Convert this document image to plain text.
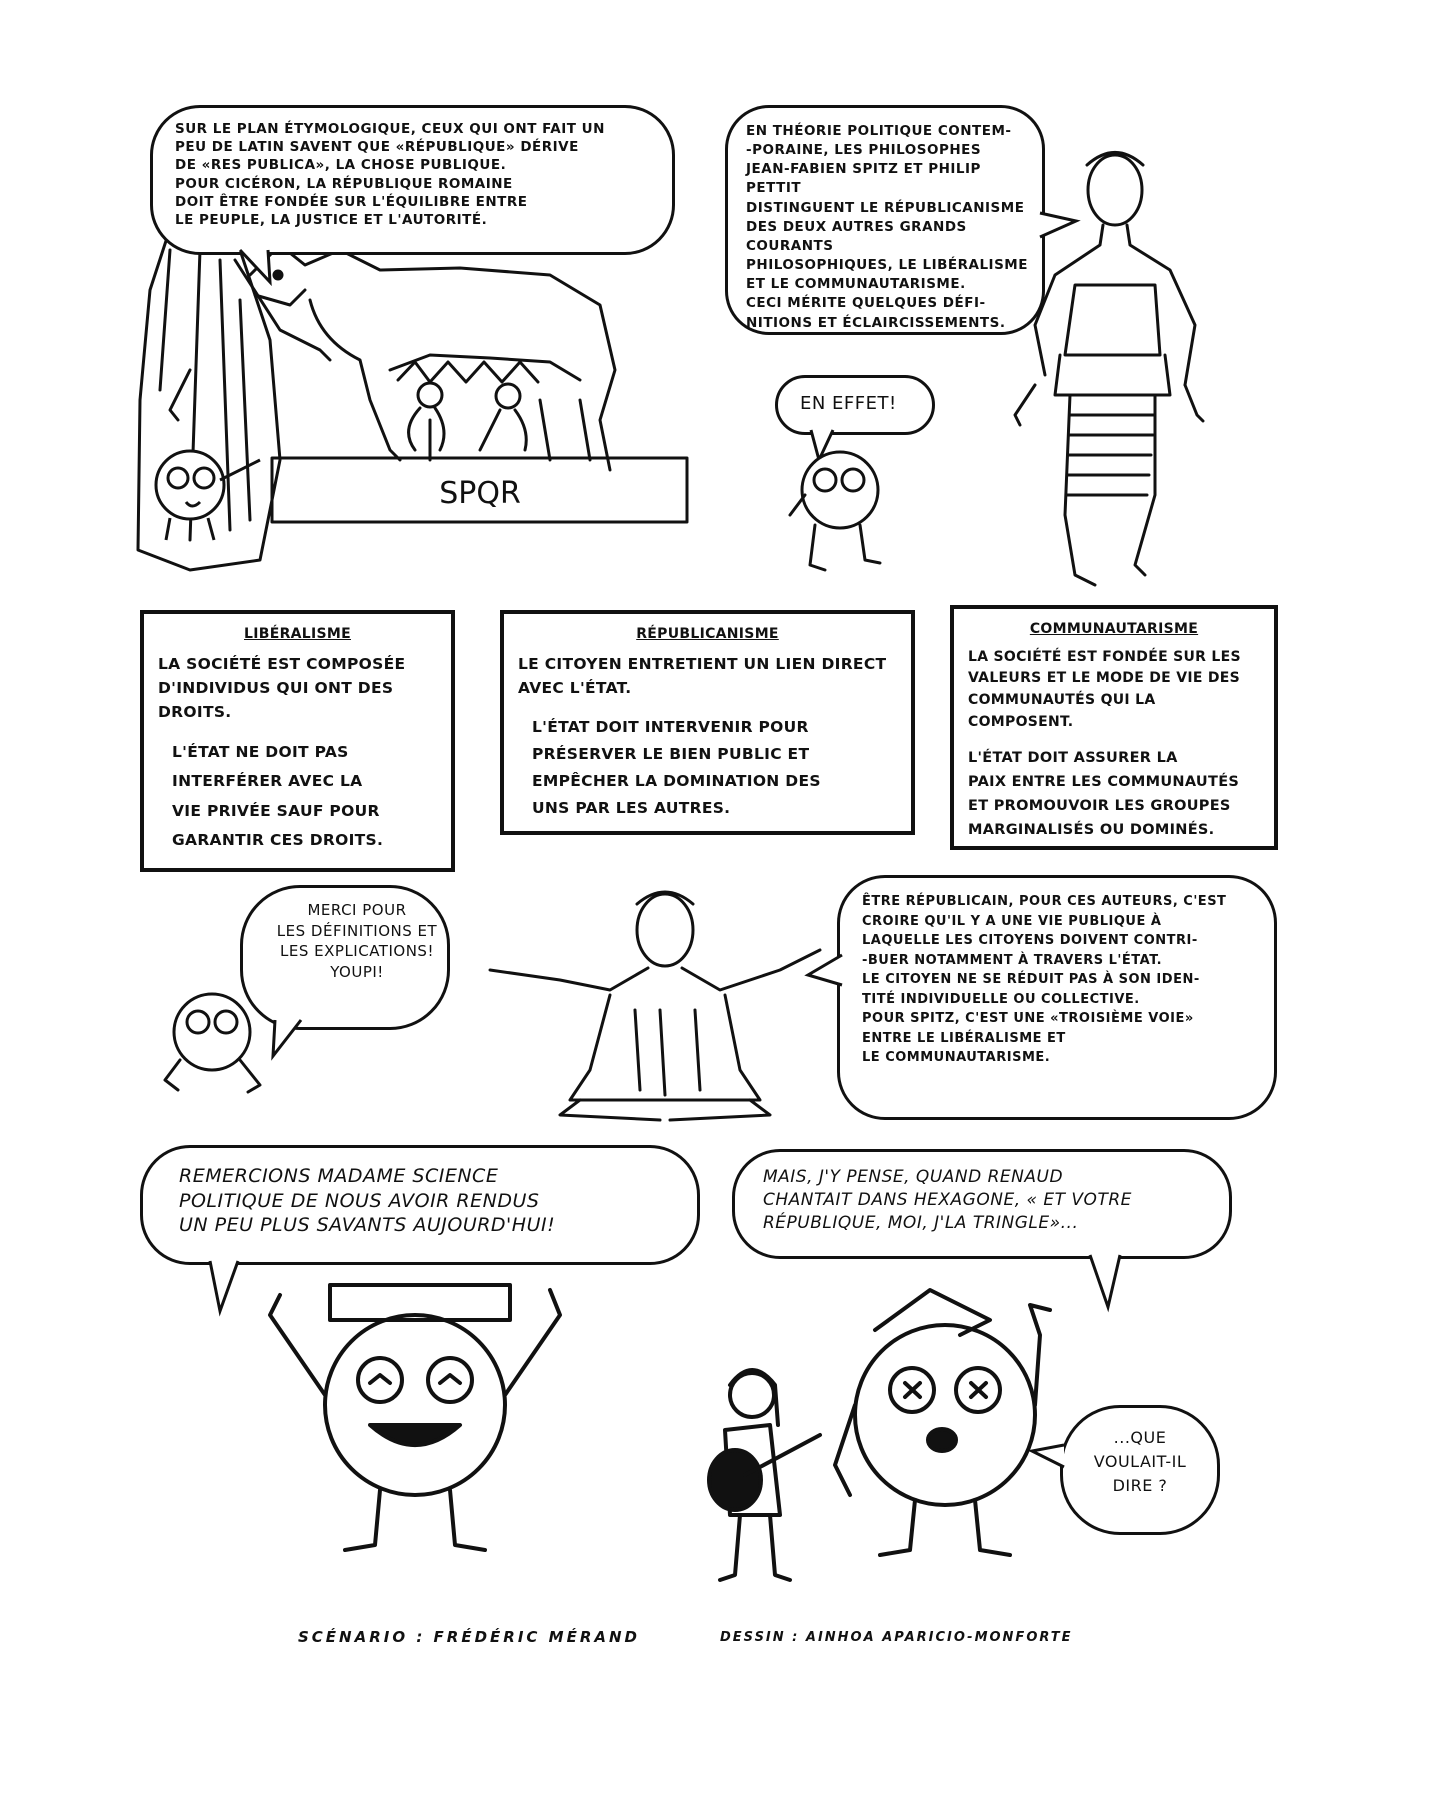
SPQR
SUR LE PLAN ÉTYMOLOGIQUE, CEUX QUI ONT FAIT UN
PEU DE LATIN SAVENT QUE «RÉPUBLIQUE» DÉRIVE
DE «RES PUBLICA», LA CHOSE PUBLIQUE.
POUR CICÉRON, LA RÉPUBLIQUE ROMAINE
DOIT ÊTRE FONDÉE SUR L'ÉQUILIBRE ENTRE
LE PEUPLE, LA JUSTICE ET L'AUTORITÉ.
EN THÉORIE POLITIQUE CONTEM-
-PORAINE, LES PHILOSOPHES
JEAN-FABIEN SPITZ ET PHILIP PETTIT
DISTINGUENT LE RÉPUBLICANISME
DES DEUX AUTRES GRANDS COURANTS
PHILOSOPHIQUES, LE LIBÉRALISME
ET LE COMMUNAUTARISME.
CECI MÉRITE QUELQUES DÉFI-
NITIONS ET ÉCLAIRCISSEMENTS.
EN EFFET!
LIBÉRALISME
LA SOCIÉTÉ EST COMPOSÉE
D'INDIVIDUS QUI ONT DES DROITS.
L'ÉTAT NE DOIT PAS
INTERFÉRER AVEC LA
VIE PRIVÉE SAUF POUR
GARANTIR CES DROITS.
RÉPUBLICANISME
LE CITOYEN ENTRETIENT UN LIEN DIRECT
AVEC L'ÉTAT.
L'ÉTAT DOIT INTERVENIR POUR
PRÉSERVER LE BIEN PUBLIC ET
EMPÊCHER LA DOMINATION DES
UNS PAR LES AUTRES.
COMMUNAUTARISME
LA SOCIÉTÉ EST FONDÉE SUR LES
VALEURS ET LE MODE DE VIE DES
COMMUNAUTÉS QUI LA COMPOSENT.
L'ÉTAT DOIT ASSURER LA
PAIX ENTRE LES COMMUNAUTÉS
ET PROMOUVOIR LES GROUPES
MARGINALISÉS OU DOMINÉS.
MERCI POUR
LES DÉFINITIONS ET
LES EXPLICATIONS!
YOUPI!
ÊTRE RÉPUBLICAIN, POUR CES AUTEURS, C'EST
CROIRE QU'IL Y A UNE VIE PUBLIQUE À
LAQUELLE LES CITOYENS DOIVENT CONTRI-
-BUER NOTAMMENT À TRAVERS L'ÉTAT.
LE CITOYEN NE SE RÉDUIT PAS À SON IDEN-
TITÉ INDIVIDUELLE OU COLLECTIVE.
POUR SPITZ, C'EST UNE «TROISIÈME VOIE»
ENTRE LE LIBÉRALISME ET
LE COMMUNAUTARISME.
REMERCIONS MADAME SCIENCE
POLITIQUE DE NOUS AVOIR RENDUS
UN PEU PLUS SAVANTS AUJOURD'HUI!
MAIS, J'Y PENSE, QUAND RENAUD
CHANTAIT DANS HEXAGONE, « ET VOTRE
RÉPUBLIQUE, MOI, J'LA TRINGLE»...
...QUE
VOULAIT-IL
DIRE ?
SCÉNARIO : FRÉDÉRIC MÉRAND	DESSIN : AINHOA APARICIO-MONFORTE
